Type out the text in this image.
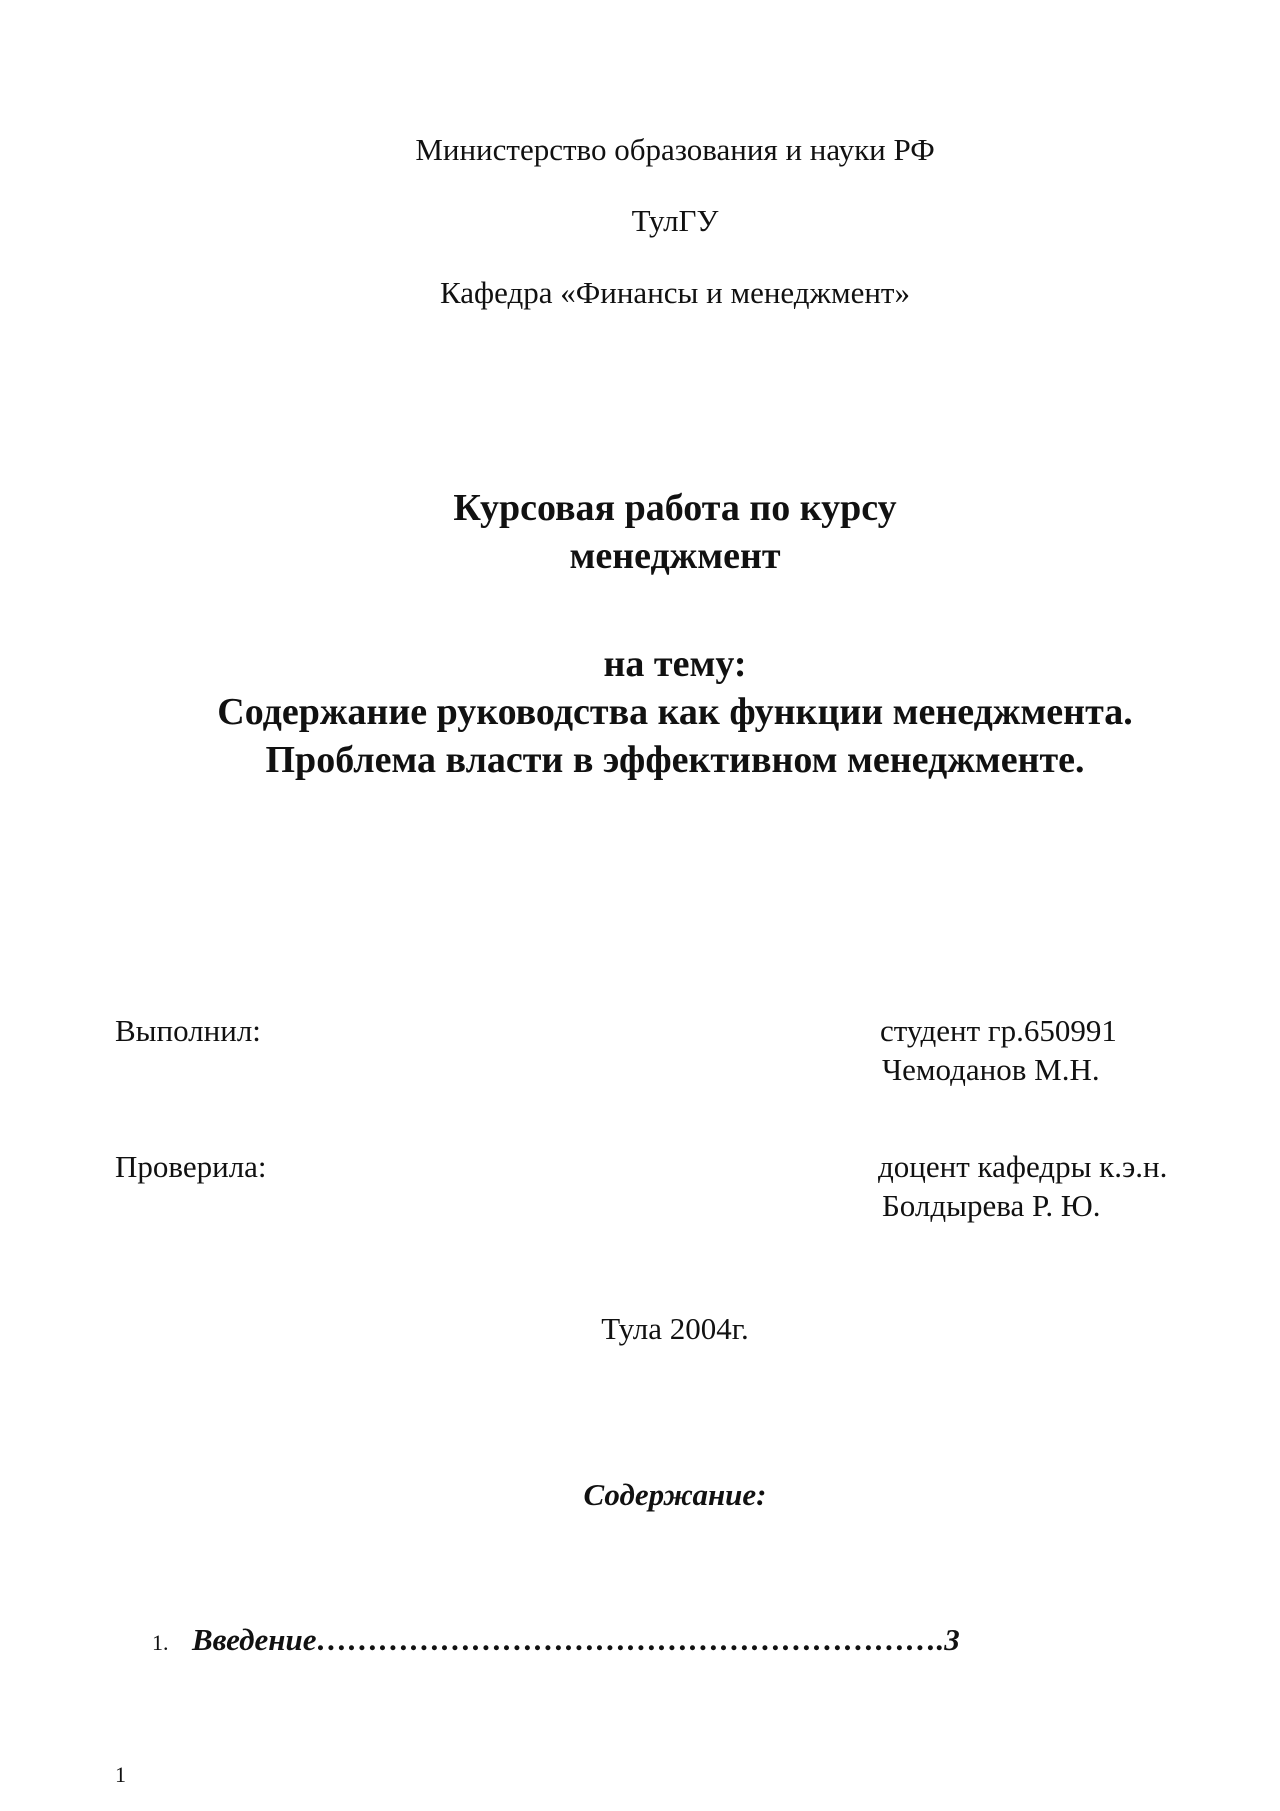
Министерство образования и науки РФ
ТулГУ
Кафедра «Финансы и менеджмент»
Курсовая работа по курсу
менеджмент
на тему:
Содержание руководства как функции менеджмента.
Проблема власти в эффективном менеджменте.
Выполнил:	студент гр.650991
Чемоданов М.Н.
Проверила:	доцент кафедры к.э.н.
Болдырева Р. Ю.
Тула 2004г.
Содержание:
1. Введение…………………………………………………….3
1
